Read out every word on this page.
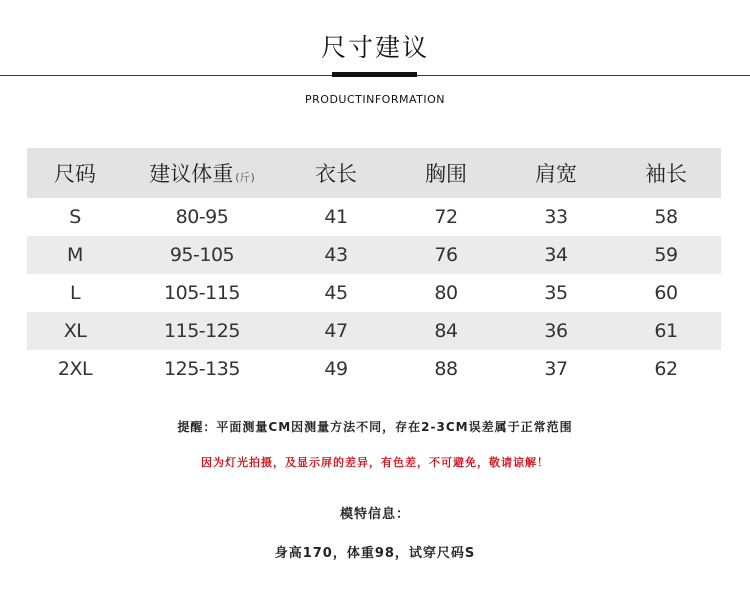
尺寸建议
PRODUCTINFORMATION
尺码	建议体重 (斤)	衣长	胸围	肩宽	袖长
S	80-95	41	72	33	58
M	95-105	43	76	34	59
L	105-115	45	80	35	60
XL	115-125	47	84	36	61
2XL	125-135	49	88	37	62
提醒：平面测量CM因测量方法不同，存在2-3CM误差属于正常范围
因为灯光拍摄，及显示屏的差异，有色差，不可避免，敬请谅解！
模特信息：
身高170，体重98，试穿尺码S
